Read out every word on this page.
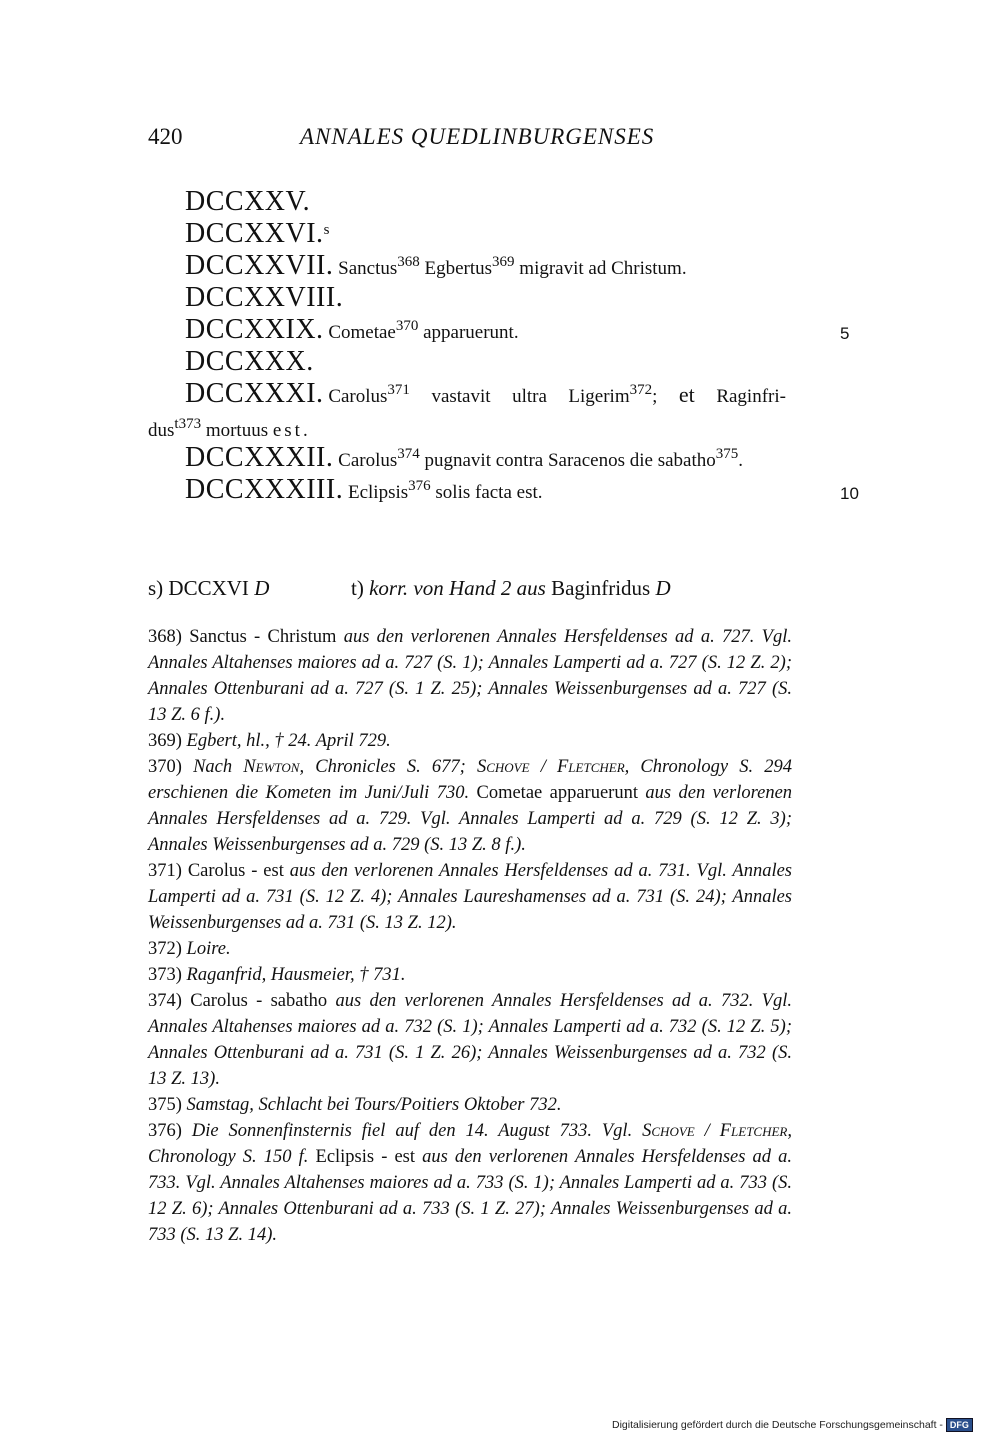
420	ANNALES QUEDLINBURGENSES
DCCXXV.
DCCXXVI.$^s$
DCCXXVII. Sanctus$^{368}$ Egbertus$^{369}$ migravit ad Christum.
DCCXXVIII.
DCCXXIX. Cometae$^{370}$ apparuerunt.	5
DCCXXX.
DCCXXXI. Carolus$^{371}$ vastavit ultra Ligerim$^{372}$; et Raginfri-
dus$^{t373}$ mortuus est.
DCCXXXII. Carolus$^{374}$ pugnavit contra Saracenos die sabatho$^{375}$.
DCCXXXIII. Eclipsis$^{376}$ solis facta est.	10
s) DCCXVI D	t) korr. von Hand 2 aus Baginfridus D

368) Sanctus - Christum aus den verlorenen Annales Hersfeldenses ad a. 727. Vgl. Annales Altahenses maiores ad a. 727 (S. 1); Annales Lamperti ad a. 727 (S. 12 Z. 2); Annales Ottenburani ad a. 727 (S. 1 Z. 25); Annales Weissenburgenses ad a. 727 (S. 13 Z. 6 f.).

369) Egbert, hl., † 24. April 729.

370) Nach Newton, Chronicles S. 677; Schove / Fletcher, Chronology S. 294 erschienen die Kometen im Juni/Juli 730. Cometae apparuerunt aus den verlorenen Annales Hersfeldenses ad a. 729. Vgl. Annales Lamperti ad a. 729 (S. 12 Z. 3); Annales Weissenburgenses ad a. 729 (S. 13 Z. 8 f.).

371) Carolus - est aus den verlorenen Annales Hersfeldenses ad a. 731. Vgl. Annales Lamperti ad a. 731 (S. 12 Z. 4); Annales Laureshamenses ad a. 731 (S. 24); Annales Weissenburgenses ad a. 731 (S. 13 Z. 12).

372) Loire.

373) Raganfrid, Hausmeier, † 731.

374) Carolus - sabatho aus den verlorenen Annales Hersfeldenses ad a. 732. Vgl. Annales Altahenses maiores ad a. 732 (S. 1); Annales Lamperti ad a. 732 (S. 12 Z. 5); Annales Ottenburani ad a. 731 (S. 1 Z. 26); Annales Weissenburgenses ad a. 732 (S. 13 Z. 13).

375) Samstag, Schlacht bei Tours/Poitiers Oktober 732.

376) Die Sonnenfinsternis fiel auf den 14. August 733. Vgl. Schove / Fletcher, Chronology S. 150 f. Eclipsis - est aus den verlorenen Annales Hersfeldenses ad a. 733. Vgl. Annales Altahenses maiores ad a. 733 (S. 1); Annales Lamperti ad a. 733 (S. 12 Z. 6); Annales Ottenburani ad a. 733 (S. 1 Z. 27); Annales Weissenburgenses ad a. 733 (S. 13 Z. 14).

Digitalisierung gefördert durch die Deutsche Forschungsgemeinschaft - DFG
